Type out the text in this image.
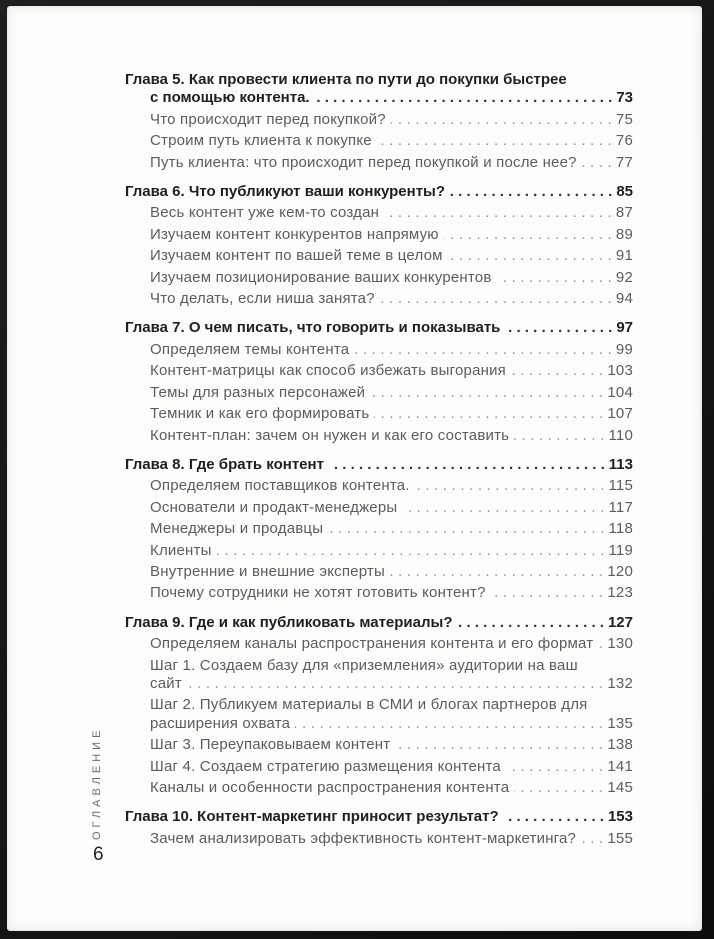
ОГЛАВЛЕНИЕ
6
Глава 5. Как провести клиента по пути до покупки быстрее
с помощью контента. . . .	73
Что происходит перед покупкой? . . .	75
Строим путь клиента к покупке . . .	76
Путь клиента: что происходит перед покупкой и после нее? . . .	77
Глава 6. Что публикуют ваши конкуренты? . . .	85
Весь контент уже кем-то создан . . .	87
Изучаем контент конкурентов напрямую . . .	89
Изучаем контент по вашей теме в целом . . .	91
Изучаем позиционирование ваших конкурентов . . .	92
Что делать, если ниша занята? . . .	94
Глава 7. О чем писать, что говорить и показывать . . .	97
Определяем темы контента . . .	99
Контент-матрицы как способ избежать выгорания . . .	103
Темы для разных персонажей . . .	104
Темник и как его формировать . . .	107
Контент-план: зачем он нужен и как его составить . . .	110
Глава 8. Где брать контент . . .	113
Определяем поставщиков контента. . . .	115
Основатели и продакт-менеджеры . . .	117
Менеджеры и продавцы . . .	118
Клиенты . . .	119
Внутренние и внешние эксперты . . .	120
Почему сотрудники не хотят готовить контент? . . .	123
Глава 9. Где и как публиковать материалы? . . .	127
Определяем каналы распространения контента и его формат . . . 130
Шаг 1. Создаем базу для «приземления» аудитории на ваш
сайт . . .	132
Шаг 2. Публикуем материалы в СМИ и блогах партнеров для
расширения охвата . . .	135
Шаг 3. Переупаковываем контент . . .	138
Шаг 4. Создаем стратегию размещения контента . . .	141
Каналы и особенности распространения контента . . .	145
Глава 10. Контент-маркетинг приносит результат? . . .	153
Зачем анализировать эффективность контент-маркетинга? . . . 155
